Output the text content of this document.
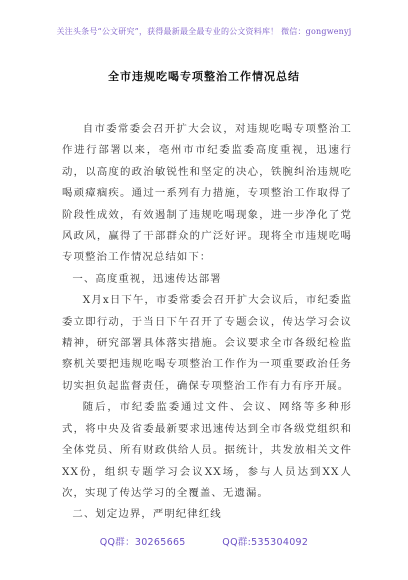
关注头条号“公文研究”，获得最新最全最专业的公文资料库！ 微信：gongwenyj
全市违规吃喝专项整治工作情况总结

自市委常委会召开扩大会议，对违规吃喝专项整治工作进行部署以来，亳州市市纪委监委高度重视，迅速行动，以高度的政治敏锐性和坚定的决心，铁腕纠治违规吃喝顽瘴痼疾。通过一系列有力措施，专项整治工作取得了阶段性成效，有效遏制了违规吃喝现象，进一步净化了党风政风，赢得了干部群众的广泛好评。现将全市违规吃喝专项整治工作情况总结如下：

一、高度重视，迅速传达部署

X月x日下午，市委常委会召开扩大会议后，市纪委监委立即行动，于当日下午召开了专题会议，传达学习会议精神，研究部署具体落实措施。会议要求全市各级纪检监察机关要把违规吃喝专项整治工作作为一项重要政治任务切实担负起监督责任，确保专项整治工作有力有序开展。

随后，市纪委监委通过文件、会议、网络等多种形式，将中央及省委最新要求迅速传达到全市各级党组织和全体党员、所有财政供给人员。据统计，共发放相关文件XX份，组织专题学习会议XX场，参与人员达到XX人次，实现了传达学习的全覆盖、无遗漏。

二、划定边界，严明纪律红线

QQ群：30265665	QQ群:535304092
